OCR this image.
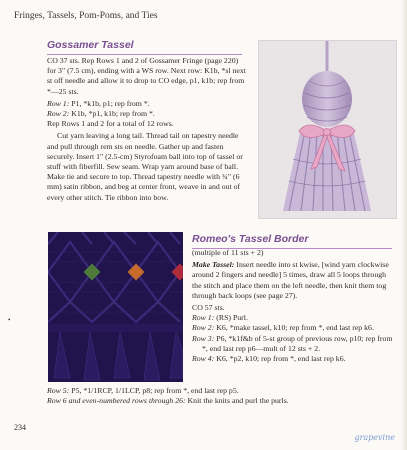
Fringes, Tassels, Pom-Poms, and Ties
Gossamer Tassel

CO 37 sts. Rep Rows 1 and 2 of Gossamer Fringe (page 220) for 3" (7.5 cm), ending with a WS row. Next row: K1b, *sl next st off needle and allow it to drop to CO edge, p1, k1b; rep from *—25 sts.

Row 1: P1, *k1b, p1; rep from *.

Row 2: K1b, *p1, k1b; rep from *.

Rep Rows 1 and 2 for a total of 12 rows.

Cut yarn leaving a long tail. Thread tail on tapestry needle and pull through rem sts on needle. Gather up and fasten securely. Insert 1" (2.5-cm) Styrofoam ball into top of tassel or stuff with fiberfill. Sew seam. Wrap yarn around base of ball. Make tie and secure to top. Thread tapestry needle with ¾" (6 mm) satin ribbon, and beg at center front, weave in and out of every other stitch. Tie ribbon into bow.

Romeo's Tassel Border

(multiple of 11 sts + 2)

Make Tassel: Insert needle into st kwise, [wind yarn clockwise around 2 fingers and needle] 5 times, draw all 5 loops through the stitch and place them on the left needle, then knit them tog through back loops (see page 27).

CO 57 sts.

Row 1: (RS) Purl.

Row 2: K6, *make tassel, k10; rep from *, end last rep k6.

Row 3: P6, *k1f&b of 5-st group of previous row, p10; rep from *, end last rep p6—mult of 12 sts + 2.

Row 4: K6, *p2, k10; rep from *, end last rep k6.

Row 5: P5, *1/1RCP, 1/1LCP, p8; rep from *, end last rep p5.

Row 6 and even-numbered rows through 26: Knit the knits and purl the purls.

•
234
grapevine
